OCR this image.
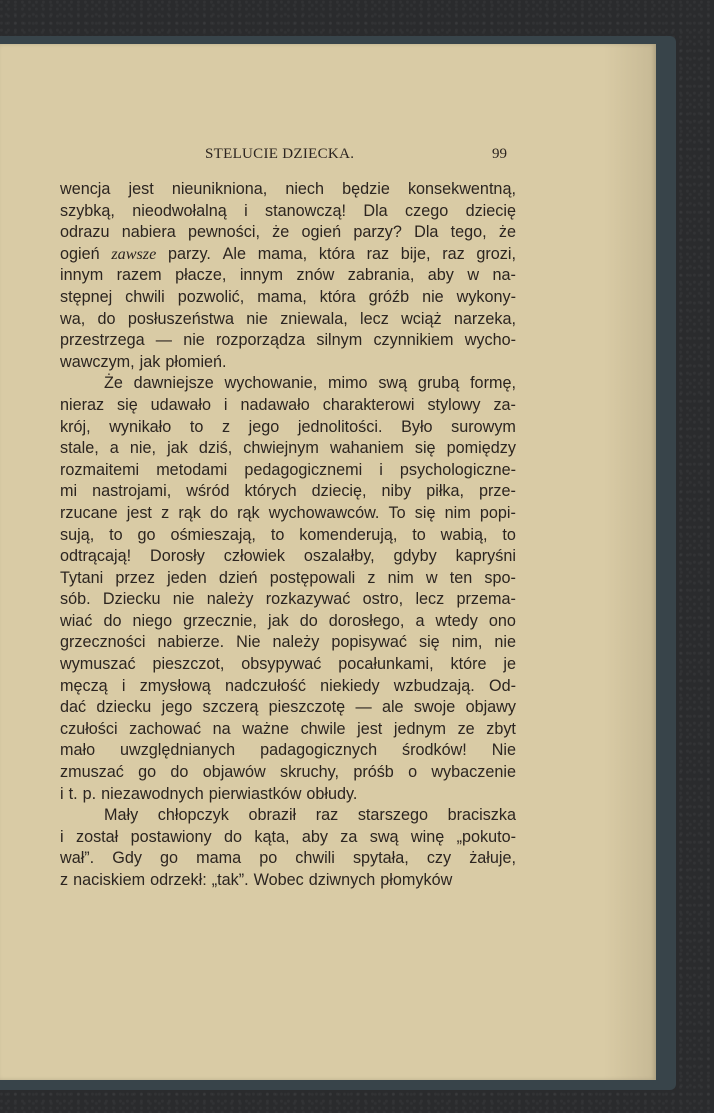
STELUCIE DZIECKA.	99
wencja jest nieunikniona, niech będzie konsekwentną,
szybką, nieodwołalną i stanowczą! Dla czego dziecię
odrazu nabiera pewności, że ogień parzy? Dla tego, że
ogień zawsze parzy. Ale mama, która raz bije, raz grozi,
innym razem płacze, innym znów zabrania, aby w na-
stępnej chwili pozwolić, mama, która gróźb nie wykony-
wa, do posłuszeństwa nie zniewala, lecz wciąż narzeka,
przestrzega — nie rozporządza silnym czynnikiem wycho-
wawczym, jak płomień.
Że dawniejsze wychowanie, mimo swą grubą formę,
nieraz się udawało i nadawało charakterowi stylowy za-
krój, wynikało to z jego jednolitości. Było surowym
stale, a nie, jak dziś, chwiejnym wahaniem się pomiędzy
rozmaitemi metodami pedagogicznemi i psychologiczne-
mi nastrojami, wśród których dziecię, niby piłka, prze-
rzucane jest z rąk do rąk wychowawców. To się nim popi-
sują, to go ośmieszają, to komenderują, to wabią, to
odtrącają! Dorosły człowiek oszalałby, gdyby kapryśni
Tytani przez jeden dzień postępowali z nim w ten spo-
sób. Dziecku nie należy rozkazywać ostro, lecz przema-
wiać do niego grzecznie, jak do dorosłego, a wtedy ono
grzeczności nabierze. Nie należy popisywać się nim, nie
wymuszać pieszczot, obsypywać pocałunkami, które je
męczą i zmysłową nadczułość niekiedy wzbudzają. Od-
dać dziecku jego szczerą pieszczotę — ale swoje objawy
czułości zachować na ważne chwile jest jednym ze zbyt
mało uwzględnianych padagogicznych środków! Nie
zmuszać go do objawów skruchy, próśb o wybaczenie
i t. p. niezawodnych pierwiastków obłudy.
Mały chłopczyk obraził raz starszego braciszka
i został postawiony do kąta, aby za swą winę „pokuto-
wał”. Gdy go mama po chwili spytała, czy żałuje,
z naciskiem odrzekł: „tak”. Wobec dziwnych płomyków
